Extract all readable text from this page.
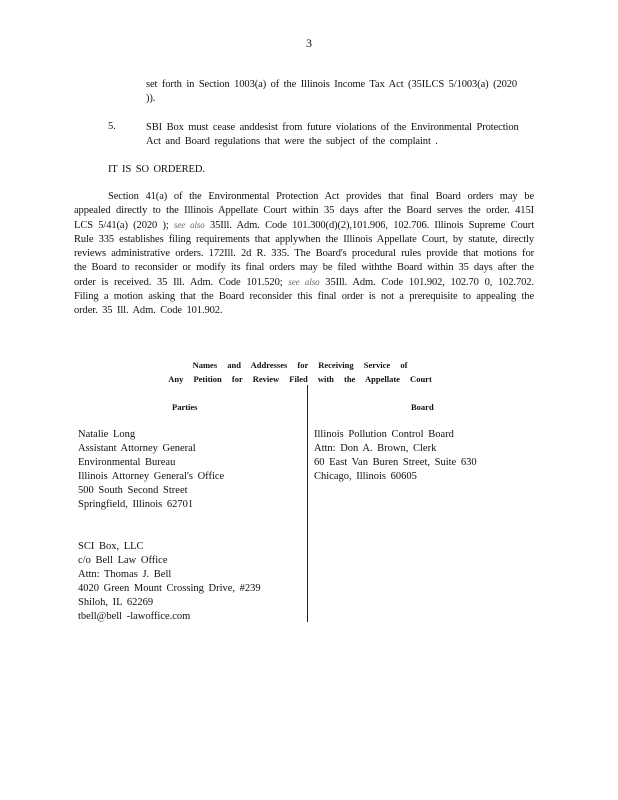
3

set forth in Section 1003(a) of the Illinois Income Tax Act (35ILCS 5/1003(a) (2020 )).

5.	SBI Box must cease anddesist from future violations of the Environmental Protection Act and Board regulations that were the subject of the complaint .

IT IS SO ORDERED.

Section 41(a) of the Environmental Protection Act provides that final Board orders may be appealed directly to the Illinois Appellate Court within 35 days after the Board serves the order. 415I LCS 5/41(a) (2020 ); see also 35Ill. Adm. Code 101.300(d)(2),101.906, 102.706. Illinois Supreme Court Rule 335 establishes filing requirements that applywhen the Illinois Appellate Court, by statute, directly reviews administrative orders. 172Ill. 2d R. 335. The Board's procedural rules provide that motions for the Board to reconsider or modify its final orders may be filed withthe Board within 35 days after the order is received. 35 Ill. Adm. Code 101.520; see also 35Ill. Adm. Code 101.902, 102.70 0, 102.702. Filing a motion asking that the Board reconsider this final order is not a prerequisite to appealing the order. 35 Ill. Adm. Code 101.902.

Names and Addresses for Receiving Service of
Any Petition for Review Filed with the Appellate Court
Parties	Board
Natalie Long
Assistant Attorney General
Environmental Bureau
Illinois Attorney General's Office
500 South Second Street
Springfield, Illinois 62701
Illinois Pollution Control Board
Attn: Don A. Brown, Clerk
60 East Van Buren Street, Suite 630
Chicago, Illinois 60605
SCI Box, LLC
c/o Bell Law Office
Attn: Thomas J. Bell
4020 Green Mount Crossing Drive, #239
Shiloh, IL 62269
tbell@bell -lawoffice.com
